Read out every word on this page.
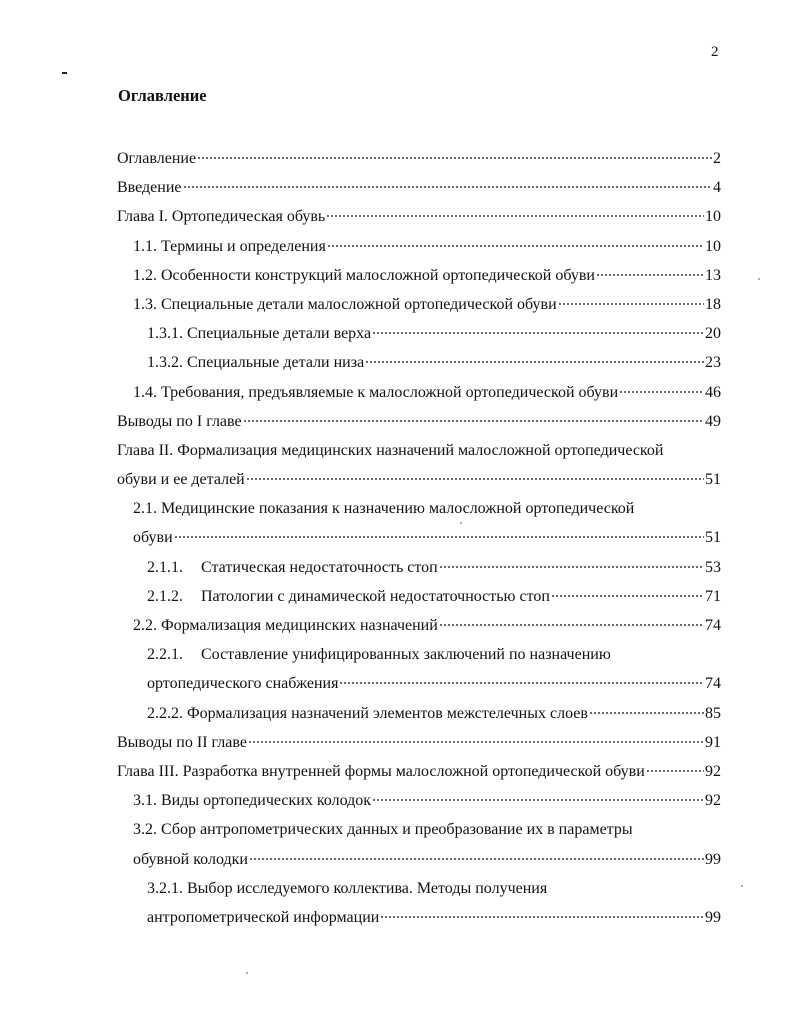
2
Оглавление
Оглавление	2
Введение	4
Глава I. Ортопедическая обувь	10
1.1. Термины и определения	10
1.2. Особенности конструкций малосложной ортопедической обуви	13
1.3. Специальные детали малосложной ортопедической обуви	18
1.3.1. Специальные детали верха	20
1.3.2. Специальные детали низа	23
1.4. Требования, предъявляемые к малосложной ортопедической обуви	46
Выводы по I главе	49
Глава II. Формализация медицинских назначений малосложной ортопедической
обуви и ее деталей	51
2.1. Медицинские показания к назначению малосложной ортопедической
обуви	51
2.1.1.	Статическая недостаточность стоп	53
2.1.2.	Патологии с динамической недостаточностью стоп	71
2.2. Формализация медицинских назначений	74
2.2.1. Составление унифицированных заключений по назначению
ортопедического снабжения	74
2.2.2. Формализация назначений элементов межстелечных слоев	85
Выводы по II главе	91
Глава III. Разработка внутренней формы малосложной ортопедической обуви	92
3.1. Виды ортопедических колодок	92
3.2. Сбор антропометрических данных и преобразование их в параметры
обувной колодки	99
3.2.1. Выбор исследуемого коллектива. Методы получения
антропометрической информации	99
